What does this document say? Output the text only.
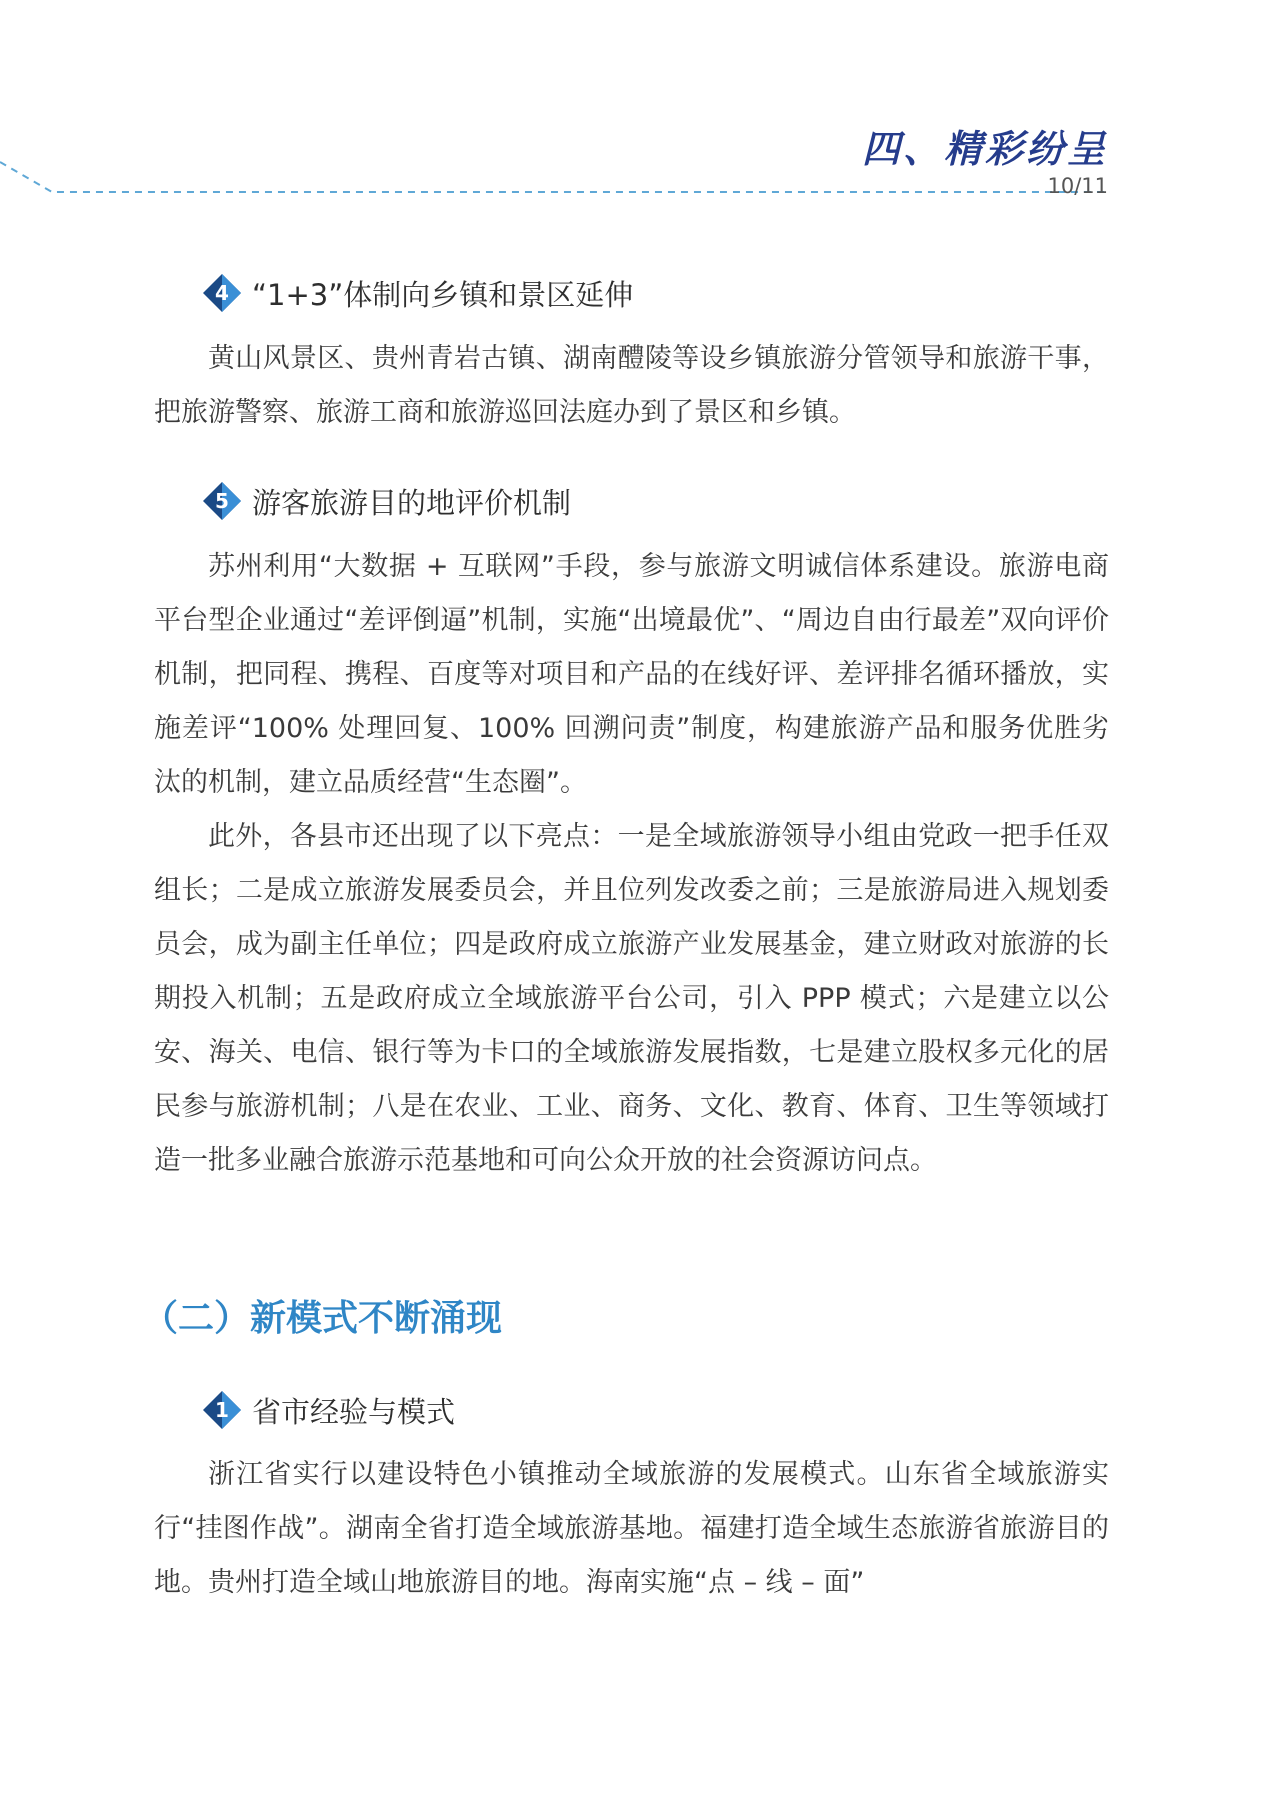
四、精彩纷呈
10/11
4 “1+3”体制向乡镇和景区延伸

黄山风景区、贵州青岩古镇、湖南醴陵等设乡镇旅游分管领导和旅游干事，把旅游警察、旅游工商和旅游巡回法庭办到了景区和乡镇。

5 游客旅游目的地评价机制

苏州利用“大数据 + 互联网”手段，参与旅游文明诚信体系建设。旅游电商平台型企业通过“差评倒逼”机制，实施“出境最优”、“周边自由行最差”双向评价机制，把同程、携程、百度等对项目和产品的在线好评、差评排名循环播放，实施差评“100% 处理回复、100% 回溯问责”制度，构建旅游产品和服务优胜劣汰的机制，建立品质经营“生态圈”。

此外，各县市还出现了以下亮点：一是全域旅游领导小组由党政一把手任双组长；二是成立旅游发展委员会，并且位列发改委之前；三是旅游局进入规划委员会，成为副主任单位；四是政府成立旅游产业发展基金，建立财政对旅游的长期投入机制；五是政府成立全域旅游平台公司，引入 PPP 模式；六是建立以公安、海关、电信、银行等为卡口的全域旅游发展指数，七是建立股权多元化的居民参与旅游机制；八是在农业、工业、商务、文化、教育、体育、卫生等领域打造一批多业融合旅游示范基地和可向公众开放的社会资源访问点。

（二）新模式不断涌现
1 省市经验与模式

浙江省实行以建设特色小镇推动全域旅游的发展模式。山东省全域旅游实行“挂图作战”。湖南全省打造全域旅游基地。福建打造全域生态旅游省旅游目的地。贵州打造全域山地旅游目的地。海南实施“点 – 线 – 面”
